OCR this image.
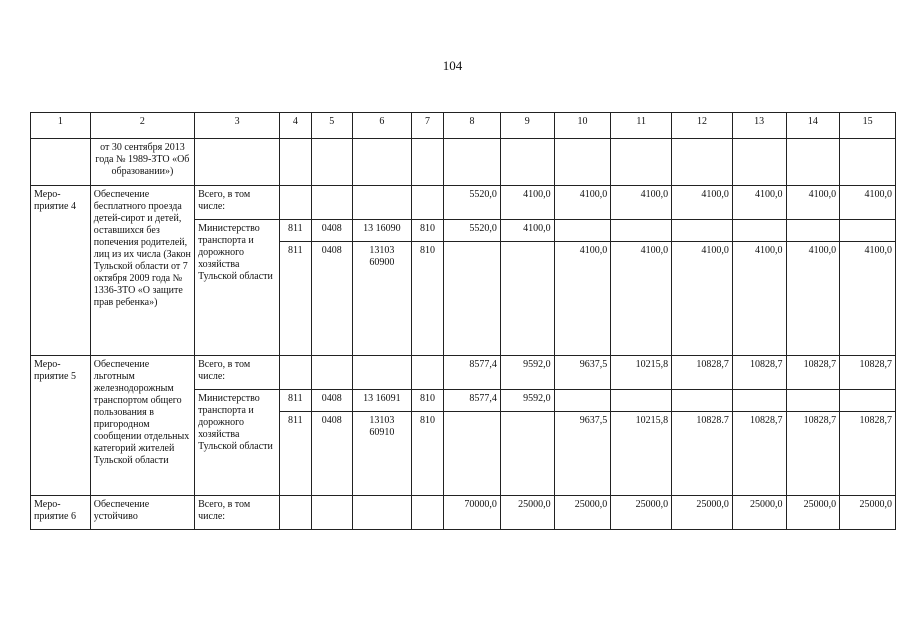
104
1	2	3	4	5	6	7	8	9	10	11	12	13	14	15
	от 30 сентября 2013 года № 1989-ЗТО «Об образовании»)													
Меро-приятие 4	Обеспечение бесплатного проезда детей-сирот и детей, оставшихся без попечения родителей, лиц из их числа (Закон Тульской области от 7 октября 2009 года № 1336-ЗТО «О защите прав ребенка»)	Всего, в том числе:					5520,0	4100,0	4100,0	4100,0	4100,0	4100,0	4100,0	4100,0
		Министерство транспорта и дорожного хозяйства Тульской области	811	0408	13 16090	810	5520,0	4100,0						
			811	0408	13103 60900	810			4100,0	4100,0	4100,0	4100,0	4100,0	4100,0
Меро-приятие 5	Обеспечение льготным железнодорожным транспортом общего пользования в пригородном сообщении отдельных категорий жителей Тульской области	Всего, в том числе:					8577,4	9592,0	9637,5	10215,8	10828,7	10828,7	10828,7	10828,7
		Министерство транспорта и дорожного хозяйства Тульской области	811	0408	13 16091	810	8577,4	9592,0						
			811	0408	13103 60910	810			9637,5	10215,8	10828.7	10828,7	10828,7	10828,7
Меро-приятие 6	Обеспечение устойчиво	Всего, в том числе:					70000,0	25000,0	25000,0	25000,0	25000,0	25000,0	25000,0	25000,0
